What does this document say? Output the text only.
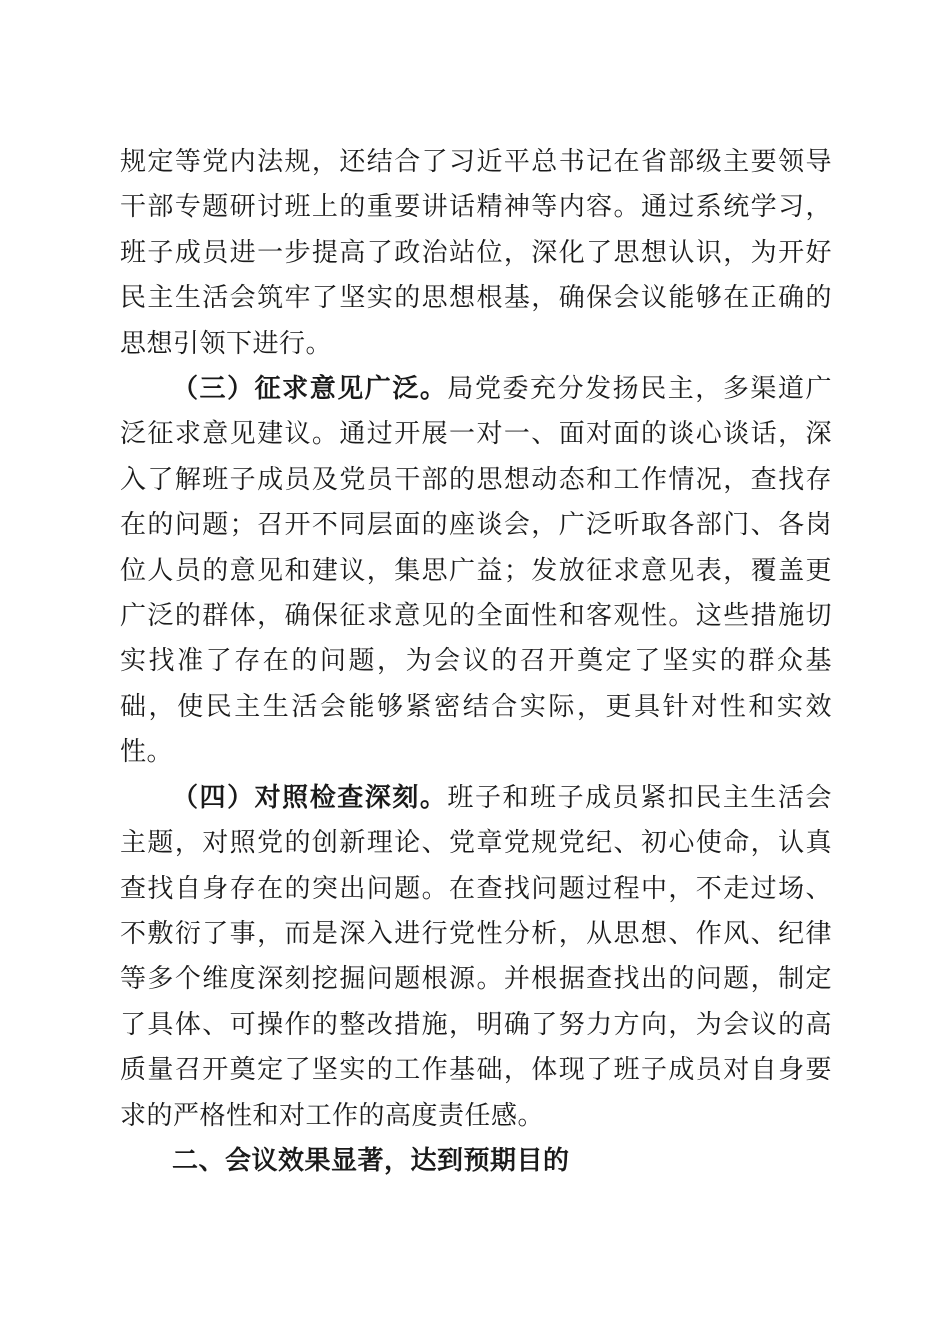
规定等党内法规，还结合了习近平总书记在省部级主要领导干部专题研讨班上的重要讲话精神等内容。通过系统学习，班子成员进一步提高了政治站位，深化了思想认识，为开好民主生活会筑牢了坚实的思想根基，确保会议能够在正确的思想引领下进行。

（三）征求意见广泛。局党委充分发扬民主，多渠道广泛征求意见建议。通过开展一对一、面对面的谈心谈话，深入了解班子成员及党员干部的思想动态和工作情况，查找存在的问题；召开不同层面的座谈会，广泛听取各部门、各岗位人员的意见和建议，集思广益；发放征求意见表，覆盖更广泛的群体，确保征求意见的全面性和客观性。这些措施切实找准了存在的问题，为会议的召开奠定了坚实的群众基础，使民主生活会能够紧密结合实际，更具针对性和实效性。

（四）对照检查深刻。班子和班子成员紧扣民主生活会主题，对照党的创新理论、党章党规党纪、初心使命，认真查找自身存在的突出问题。在查找问题过程中，不走过场、不敷衍了事，而是深入进行党性分析，从思想、作风、纪律等多个维度深刻挖掘问题根源。并根据查找出的问题，制定了具体、可操作的整改措施，明确了努力方向，为会议的高质量召开奠定了坚实的工作基础，体现了班子成员对自身要求的严格性和对工作的高度责任感。

二、会议效果显著，达到预期目的
